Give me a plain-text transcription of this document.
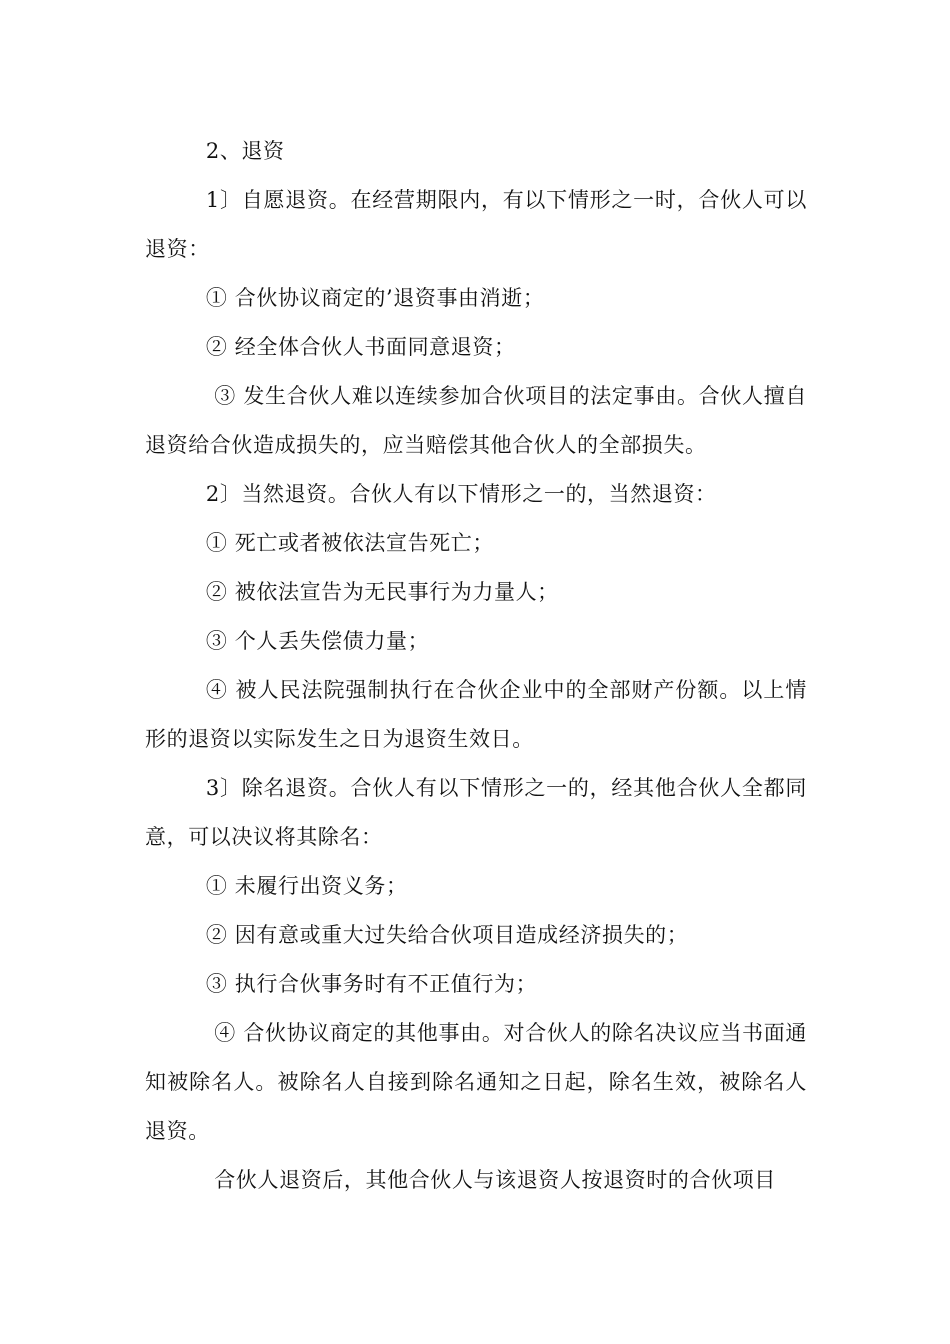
2、退资

1〕自愿退资。在经营期限内，有以下情形之一时，合伙人可以退资：

① 合伙协议商定的’退资事由消逝；

② 经全体合伙人书面同意退资；

③ 发生合伙人难以连续参加合伙项目的法定事由。合伙人擅自退资给合伙造成损失的，应当赔偿其他合伙人的全部损失。

2〕当然退资。合伙人有以下情形之一的，当然退资：

① 死亡或者被依法宣告死亡；

② 被依法宣告为无民事行为力量人；

③ 个人丢失偿债力量；

④ 被人民法院强制执行在合伙企业中的全部财产份额。以上情形的退资以实际发生之日为退资生效日。

3〕除名退资。合伙人有以下情形之一的，经其他合伙人全都同意，可以决议将其除名：

① 未履行出资义务；

② 因有意或重大过失给合伙项目造成经济损失的；

③ 执行合伙事务时有不正值行为；

④ 合伙协议商定的其他事由。对合伙人的除名决议应当书面通知被除名人。被除名人自接到除名通知之日起，除名生效，被除名人退资。

合伙人退资后，其他合伙人与该退资人按退资时的合伙项目
